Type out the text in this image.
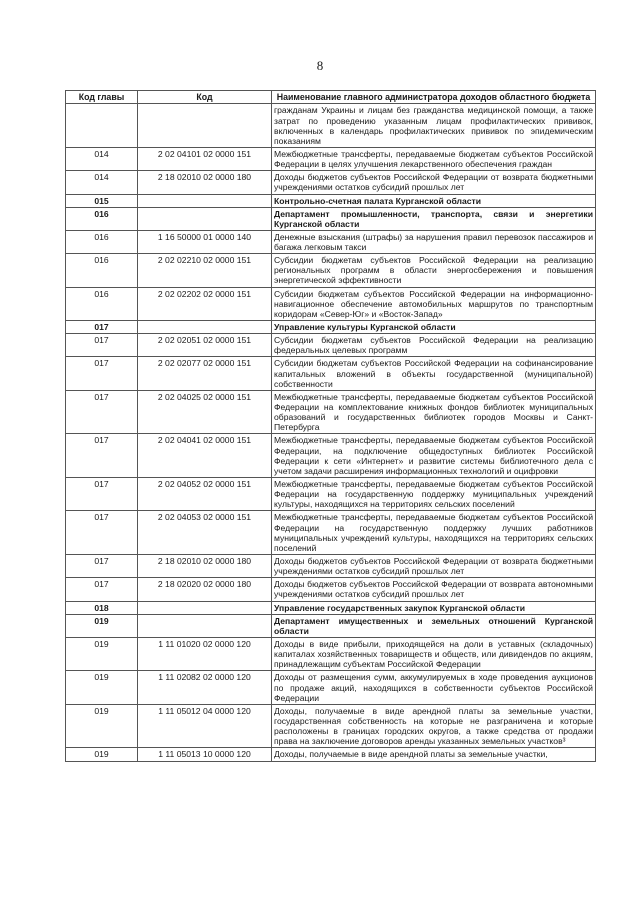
8
Код главы	Код	Наименование главного администратора доходов областного бюджета
		гражданам Украины и лицам без гражданства медицинской помощи, а также затрат по проведению указанным лицам профилактических прививок, включенных в календарь профилактических прививок по эпидемическим показаниям
014	2 02 04101 02 0000 151	Межбюджетные трансферты, передаваемые бюджетам субъектов Российской Федерации в целях улучшения лекарственного обеспечения граждан
014	2 18 02010 02 0000 180	Доходы бюджетов субъектов Российской Федерации от возврата бюджетными учреждениями остатков субсидий прошлых лет
015		Контрольно-счетная палата Курганской области
016		Департамент промышленности, транспорта, связи и энергетики Курганской области
016	1 16 50000 01 0000 140	Денежные взыскания (штрафы) за нарушения правил перевозок пассажиров и багажа легковым такси
016	2 02 02210 02 0000 151	Субсидии бюджетам субъектов Российской Федерации на реализацию региональных программ в области энергосбережения и повышения энергетической эффективности
016	2 02 02202 02 0000 151	Субсидии бюджетам субъектов Российской Федерации на информационно-навигационное обеспечение автомобильных маршрутов по транспортным коридорам «Север-Юг» и «Восток-Запад»
017		Управление культуры Курганской области
017	2 02 02051 02 0000 151	Субсидии бюджетам субъектов Российской Федерации на реализацию федеральных целевых программ
017	2 02 02077 02 0000 151	Субсидии бюджетам субъектов Российской Федерации на софинансирование капитальных вложений в объекты государственной (муниципальной) собственности
017	2 02 04025 02 0000 151	Межбюджетные трансферты, передаваемые бюджетам субъектов Российской Федерации на комплектование книжных фондов библиотек муниципальных образований и государственных библиотек городов Москвы и Санкт-Петербурга
017	2 02 04041 02 0000 151	Межбюджетные трансферты, передаваемые бюджетам субъектов Российской Федерации, на подключение общедоступных библиотек Российской Федерации к сети «Интернет» и развитие системы библиотечного дела с учетом задачи расширения информационных технологий и оцифровки
017	2 02 04052 02 0000 151	Межбюджетные трансферты, передаваемые бюджетам субъектов Российской Федерации на государственную поддержку муниципальных учреждений культуры, находящихся на территориях сельских поселений
017	2 02 04053 02 0000 151	Межбюджетные трансферты, передаваемые бюджетам субъектов Российской Федерации на государственную поддержку лучших работников муниципальных учреждений культуры, находящихся на территориях сельских поселений
017	2 18 02010 02 0000 180	Доходы бюджетов субъектов Российской Федерации от возврата бюджетными учреждениями остатков субсидий прошлых лет
017	2 18 02020 02 0000 180	Доходы бюджетов субъектов Российской Федерации от возврата автономными учреждениями остатков субсидий прошлых лет
018		Управление государственных закупок Курганской области
019		Департамент имущественных и земельных отношений Курганской области
019	1 11 01020 02 0000 120	Доходы в виде прибыли, приходящейся на доли в уставных (складочных) капиталах хозяйственных товариществ и обществ, или дивидендов по акциям, принадлежащим субъектам Российской Федерации
019	1 11 02082 02 0000 120	Доходы от размещения сумм, аккумулируемых в ходе проведения аукционов по продаже акций, находящихся в собственности субъектов Российской Федерации
019	1 11 05012 04 0000 120	Доходы, получаемые в виде арендной платы за земельные участки, государственная собственность на которые не разграничена и которые расположены в границах городских округов, а также средства от продажи права на заключение договоров аренды указанных земельных участков³
019	1 11 05013 10 0000 120	Доходы, получаемые в виде арендной платы за земельные участки,
